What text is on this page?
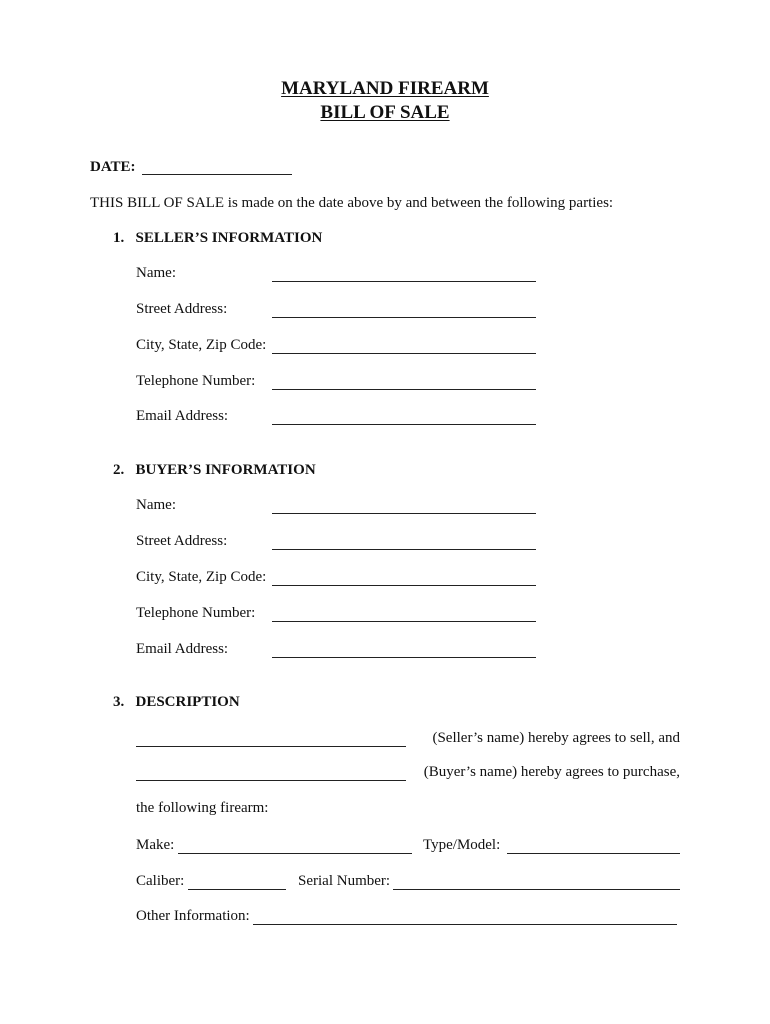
MARYLAND FIREARM
BILL OF SALE
DATE:
THIS BILL OF SALE is made on the date above by and between the following parties:
1.   SELLER’S INFORMATION
Name:
Street Address:
City, State, Zip Code:
Telephone Number:
Email Address:
2.   BUYER’S INFORMATION
Name:
Street Address:
City, State, Zip Code:
Telephone Number:
Email Address:
3.   DESCRIPTION
(Seller’s name) hereby agrees to sell, and
(Buyer’s name) hereby agrees to purchase,
the following firearm:
Make:	Type/Model:
Caliber:	Serial Number:
Other Information:
